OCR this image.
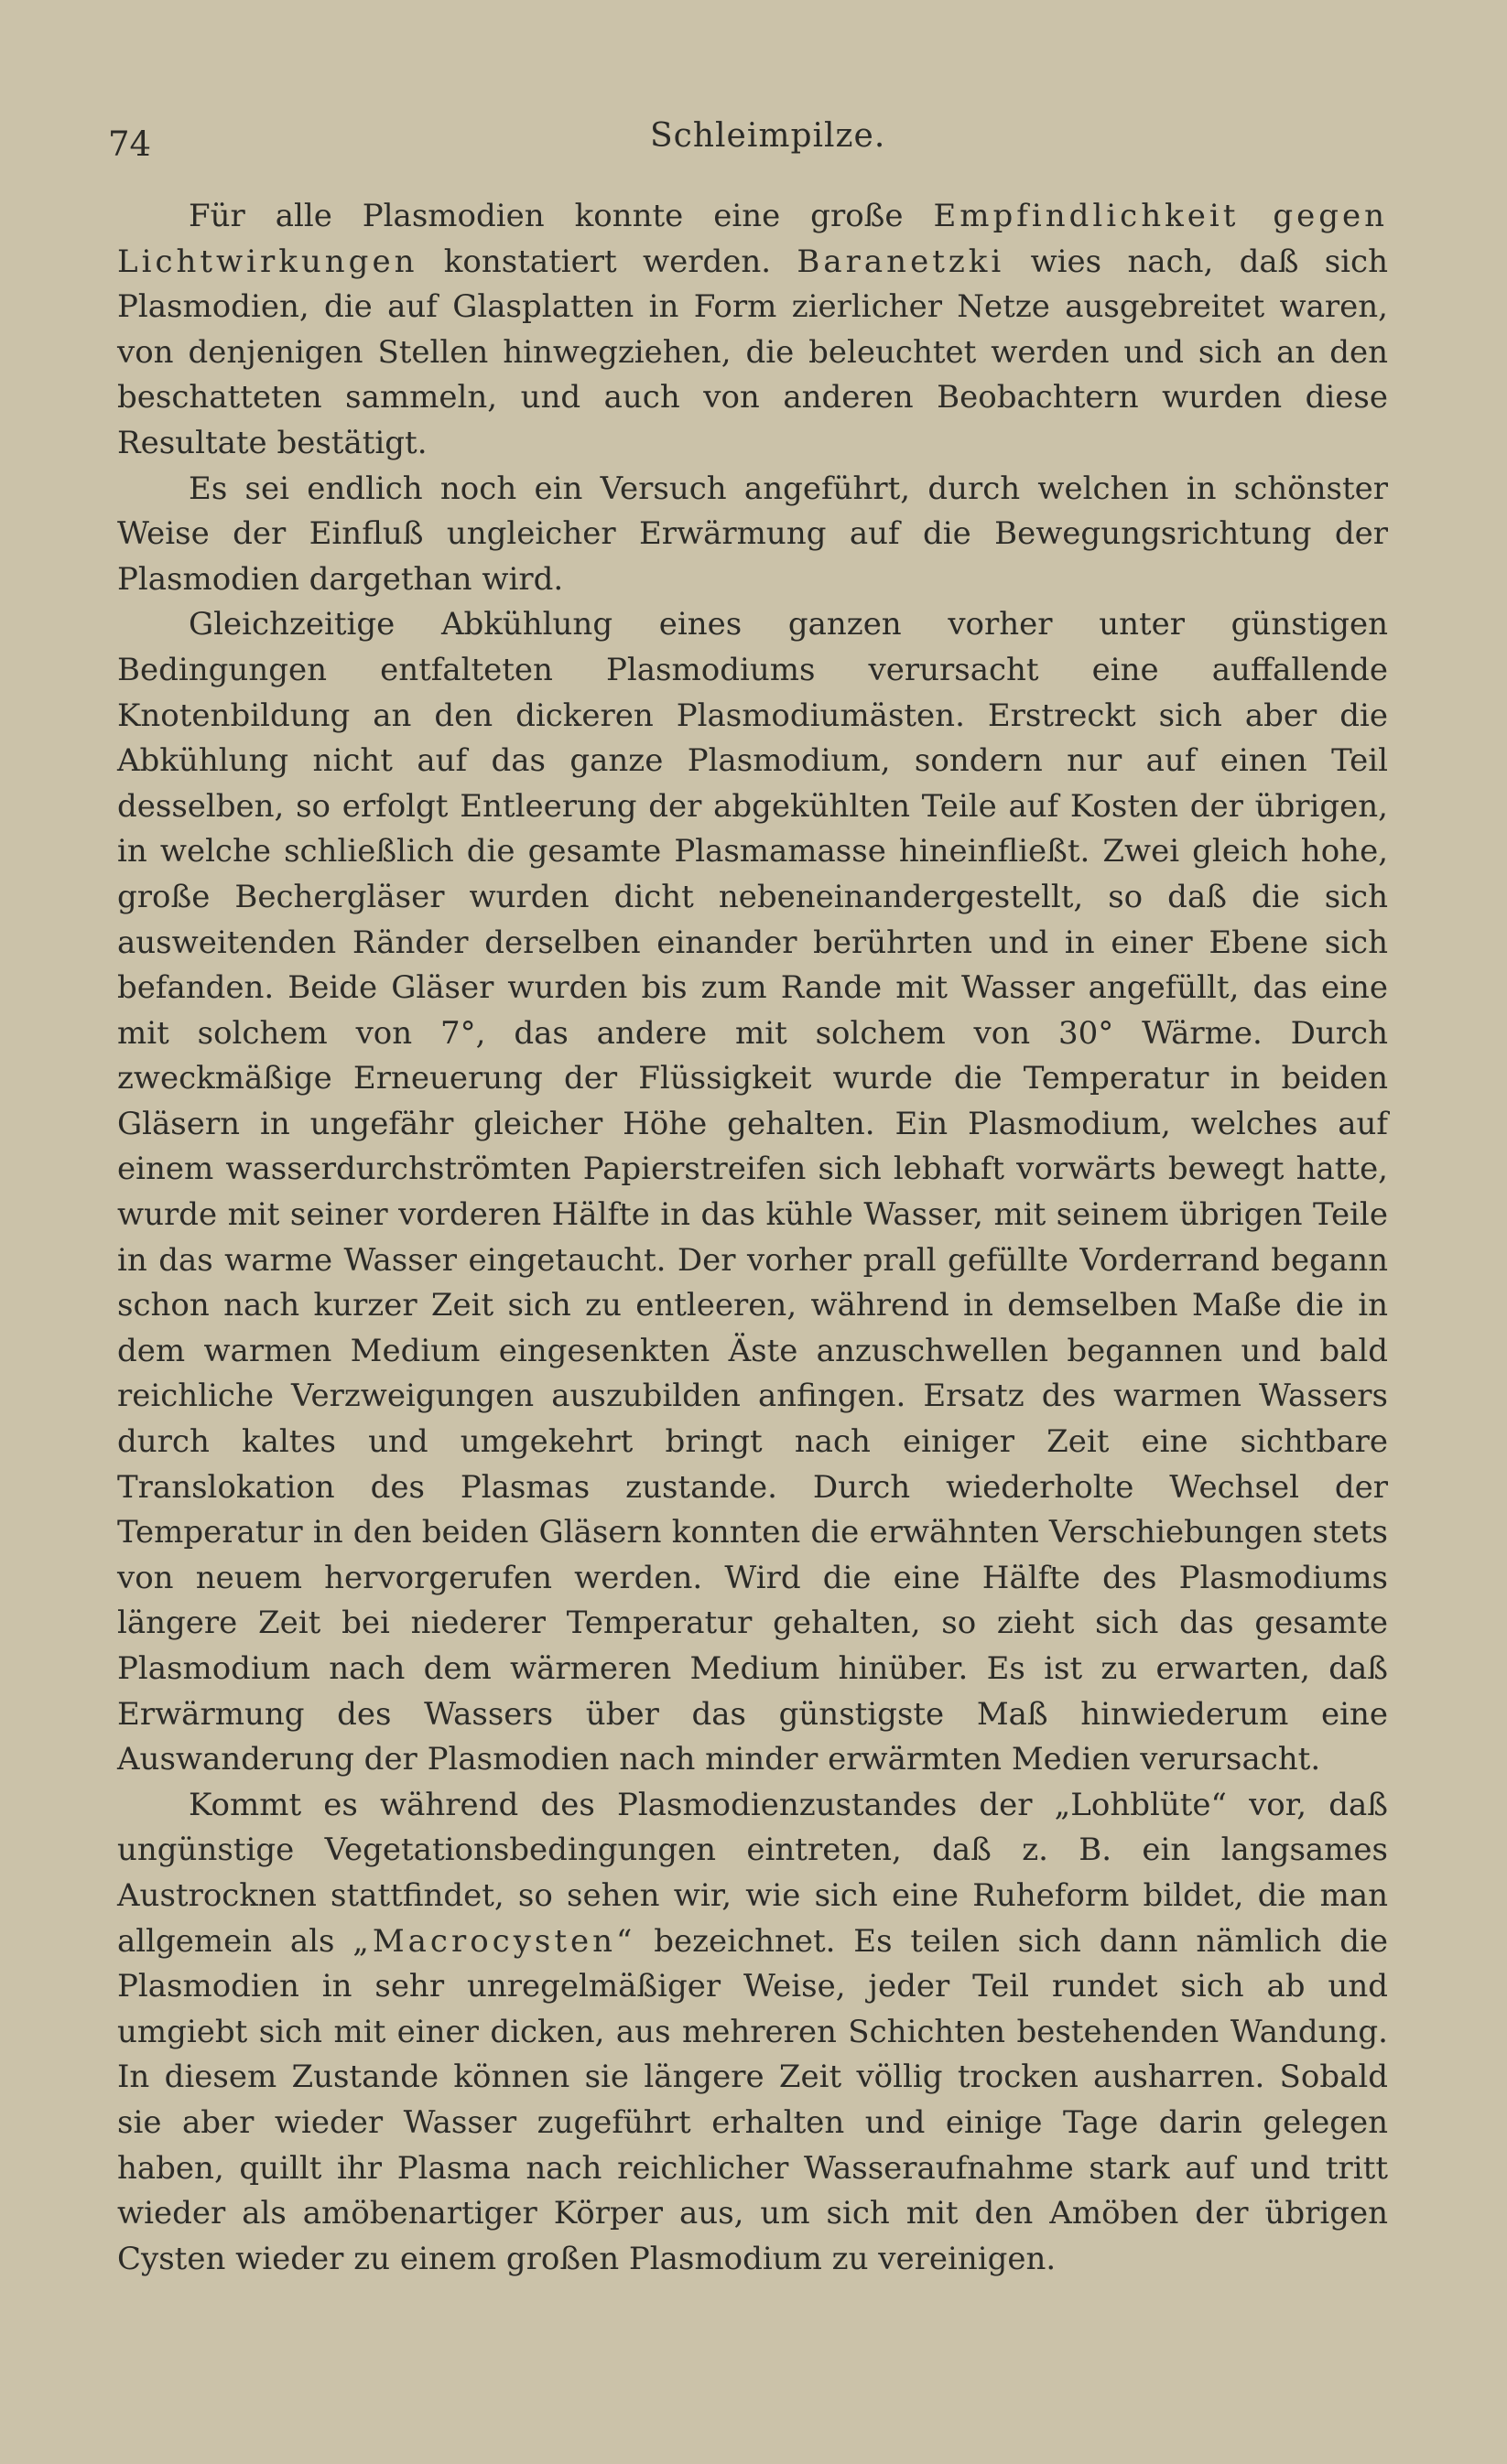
74	Schleimpilze.

Für alle Plasmodien konnte eine große Empfindlichkeit gegen Lichtwirkungen konstatiert werden. Baranetzki wies nach, daß sich Plasmodien, die auf Glasplatten in Form zierlicher Netze ausgebreitet waren, von denjenigen Stellen hinwegziehen, die beleuchtet werden und sich an den beschatteten sammeln, und auch von anderen Beobachtern wurden diese Resultate bestätigt.

Es sei endlich noch ein Versuch angeführt, durch welchen in schönster Weise der Einfluß ungleicher Erwärmung auf die Bewegungsrichtung der Plasmodien dargethan wird.

Gleichzeitige Abkühlung eines ganzen vorher unter günstigen Bedingungen entfalteten Plasmodiums verursacht eine auffallende Knotenbildung an den dickeren Plasmodiumästen. Erstreckt sich aber die Abkühlung nicht auf das ganze Plasmodium, sondern nur auf einen Teil desselben, so erfolgt Entleerung der abgekühlten Teile auf Kosten der übrigen, in welche schließlich die gesamte Plasmamasse hineinfließt. Zwei gleich hohe, große Bechergläser wurden dicht nebeneinandergestellt, so daß die sich ausweitenden Ränder derselben einander berührten und in einer Ebene sich befanden. Beide Gläser wurden bis zum Rande mit Wasser angefüllt, das eine mit solchem von 7°, das andere mit solchem von 30° Wärme. Durch zweckmäßige Erneuerung der Flüssigkeit wurde die Temperatur in beiden Gläsern in ungefähr gleicher Höhe gehalten. Ein Plasmodium, welches auf einem wasserdurchströmten Papierstreifen sich lebhaft vorwärts bewegt hatte, wurde mit seiner vorderen Hälfte in das kühle Wasser, mit seinem übrigen Teile in das warme Wasser eingetaucht. Der vorher prall gefüllte Vorderrand begann schon nach kurzer Zeit sich zu entleeren, während in demselben Maße die in dem warmen Medium eingesenkten Äste anzuschwellen begannen und bald reichliche Verzweigungen auszubilden anfingen. Ersatz des warmen Wassers durch kaltes und umgekehrt bringt nach einiger Zeit eine sichtbare Translokation des Plasmas zustande. Durch wiederholte Wechsel der Temperatur in den beiden Gläsern konnten die erwähnten Verschiebungen stets von neuem hervorgerufen werden. Wird die eine Hälfte des Plasmodiums längere Zeit bei niederer Temperatur gehalten, so zieht sich das gesamte Plasmodium nach dem wärmeren Medium hinüber. Es ist zu erwarten, daß Erwärmung des Wassers über das günstigste Maß hinwiederum eine Auswanderung der Plasmodien nach minder erwärmten Medien verursacht.

Kommt es während des Plasmodienzustandes der „Lohblüte“ vor, daß ungünstige Vegetationsbedingungen eintreten, daß z. B. ein langsames Austrocknen stattfindet, so sehen wir, wie sich eine Ruheform bildet, die man allgemein als „Macrocysten“ bezeichnet. Es teilen sich dann nämlich die Plasmodien in sehr unregelmäßiger Weise, jeder Teil rundet sich ab und umgiebt sich mit einer dicken, aus mehreren Schichten bestehenden Wandung. In diesem Zustande können sie längere Zeit völlig trocken ausharren. Sobald sie aber wieder Wasser zugeführt erhalten und einige Tage darin gelegen haben, quillt ihr Plasma nach reichlicher Wasseraufnahme stark auf und tritt wieder als amöbenartiger Körper aus, um sich mit den Amöben der übrigen Cysten wieder zu einem großen Plasmodium zu vereinigen.
